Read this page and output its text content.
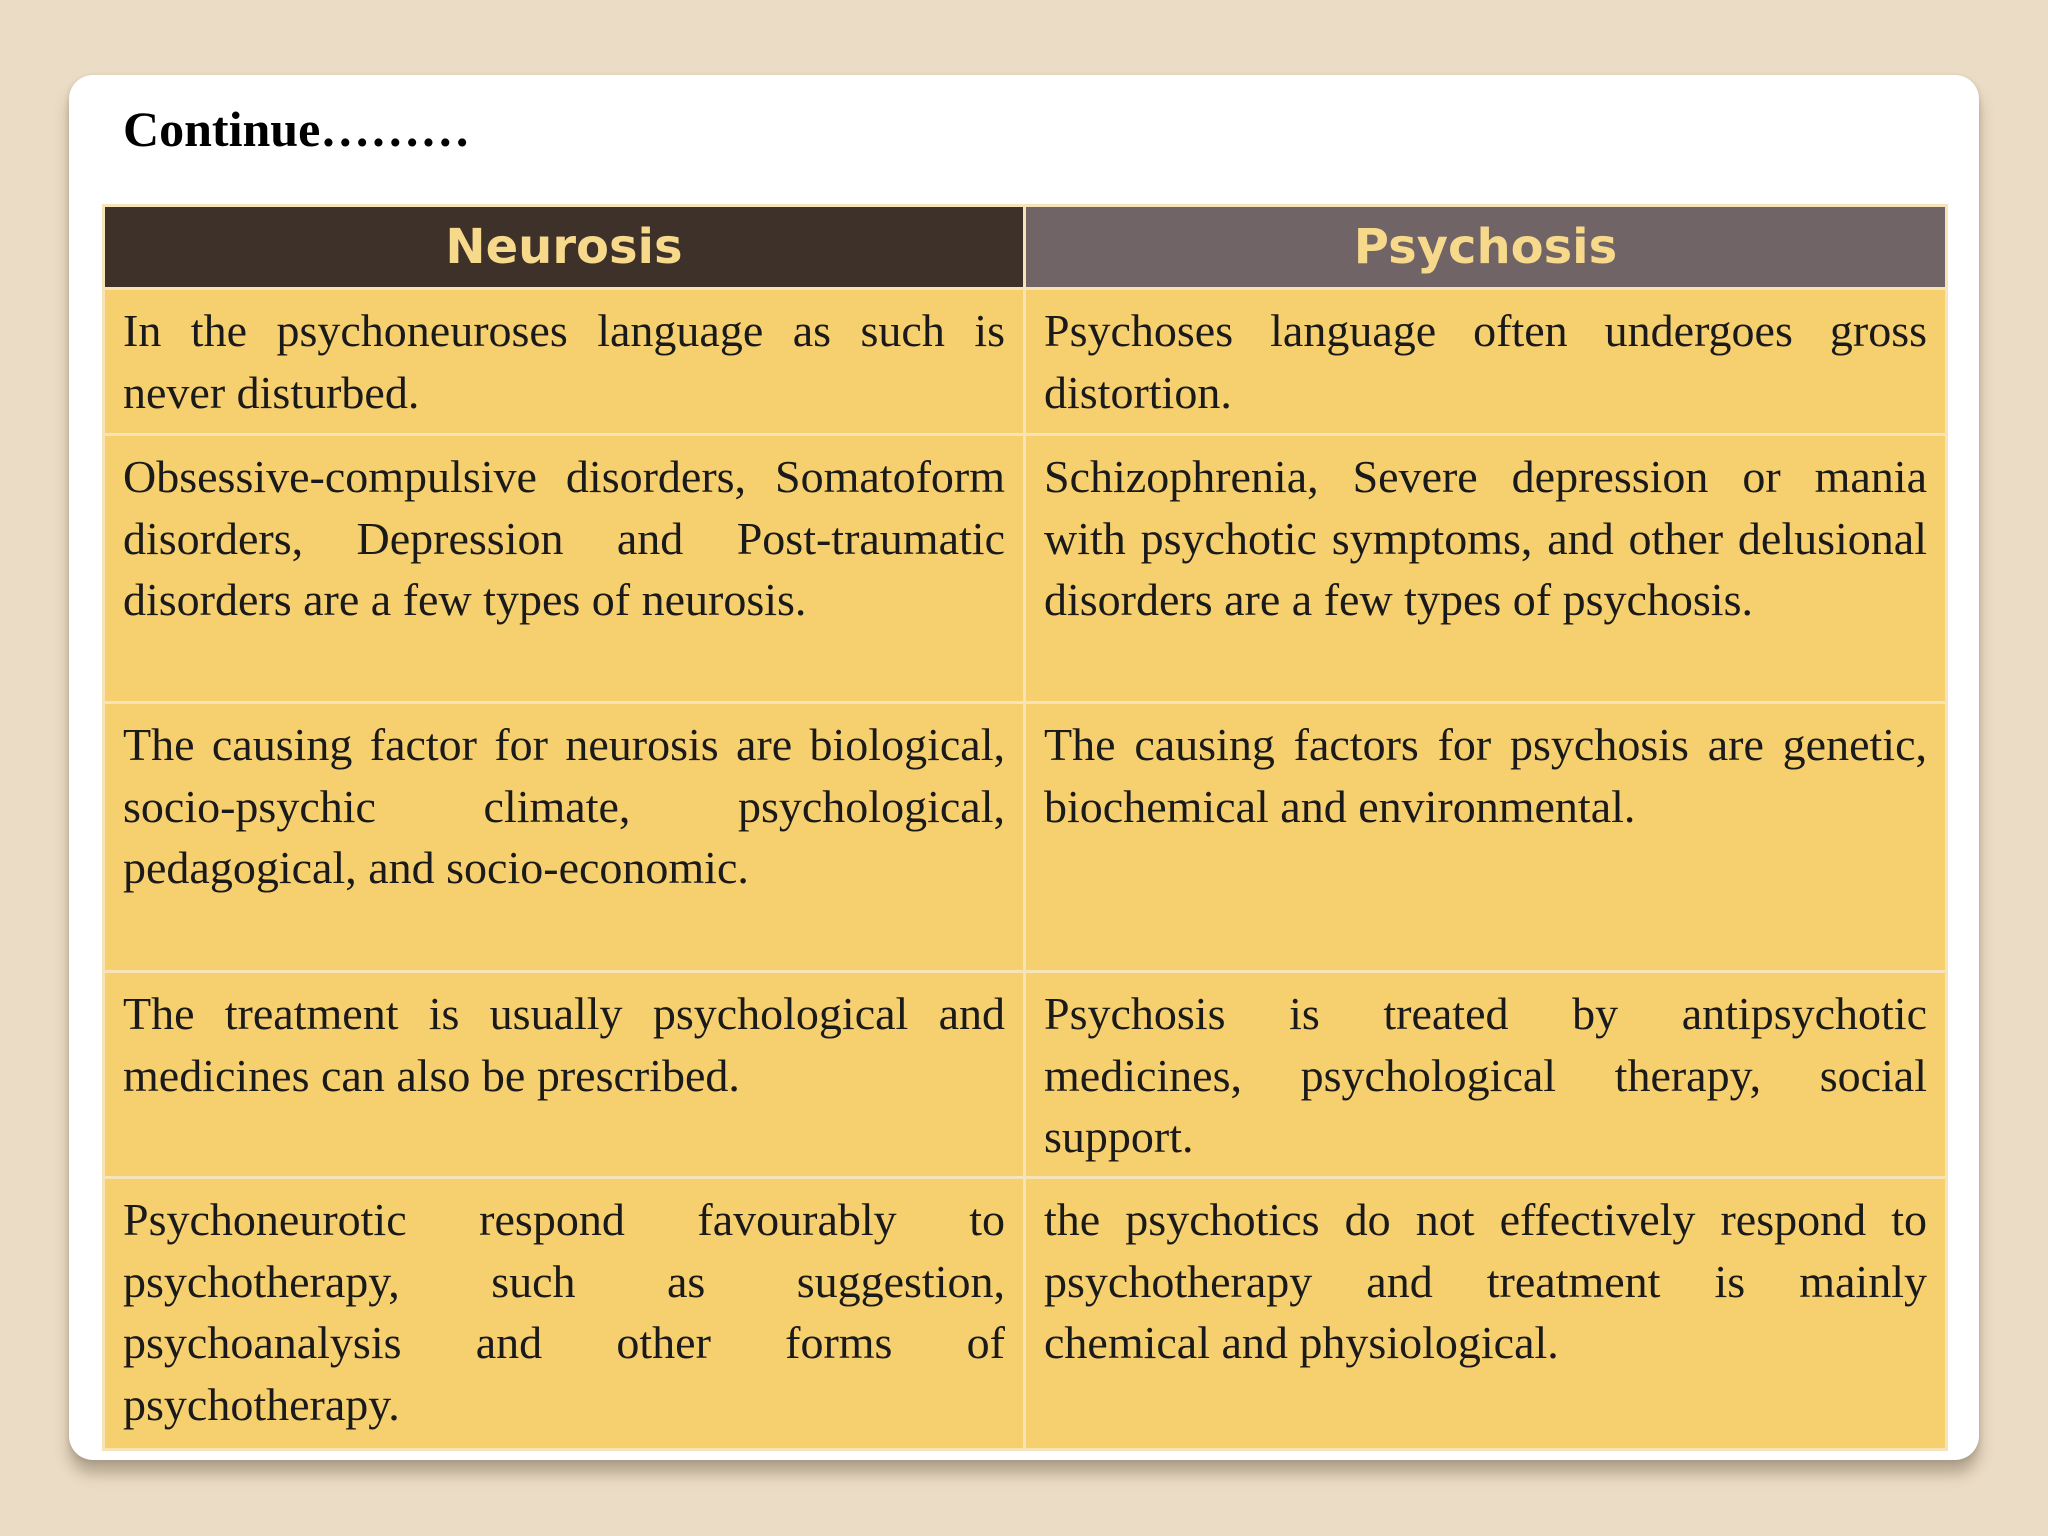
Continue………
Neurosis	Psychosis

In the psychoneuroses language as such is never disturbed.	Psychoses language often undergoes gross distortion.

Obsessive-compulsive disorders, Somatoform disorders, Depression and Post-traumatic disorders are a few types of neurosis.	Schizophrenia, Severe depression or mania with psychotic symptoms, and other delusional disorders are a few types of psychosis.

The causing factor for neurosis are biological, socio-psychic climate, psychological, pedagogical, and socio-economic.	The causing factors for psychosis are genetic, biochemical and environmental.

The treatment is usually psychological and medicines can also be prescribed.	Psychosis is treated by antipsychotic medicines, psychological therapy, social support.

Psychoneurotic respond favourably to psychotherapy, such as suggestion, psychoanalysis and other forms of psychotherapy.	the psychotics do not effectively respond to psychotherapy and treatment is mainly chemical and physiological.
